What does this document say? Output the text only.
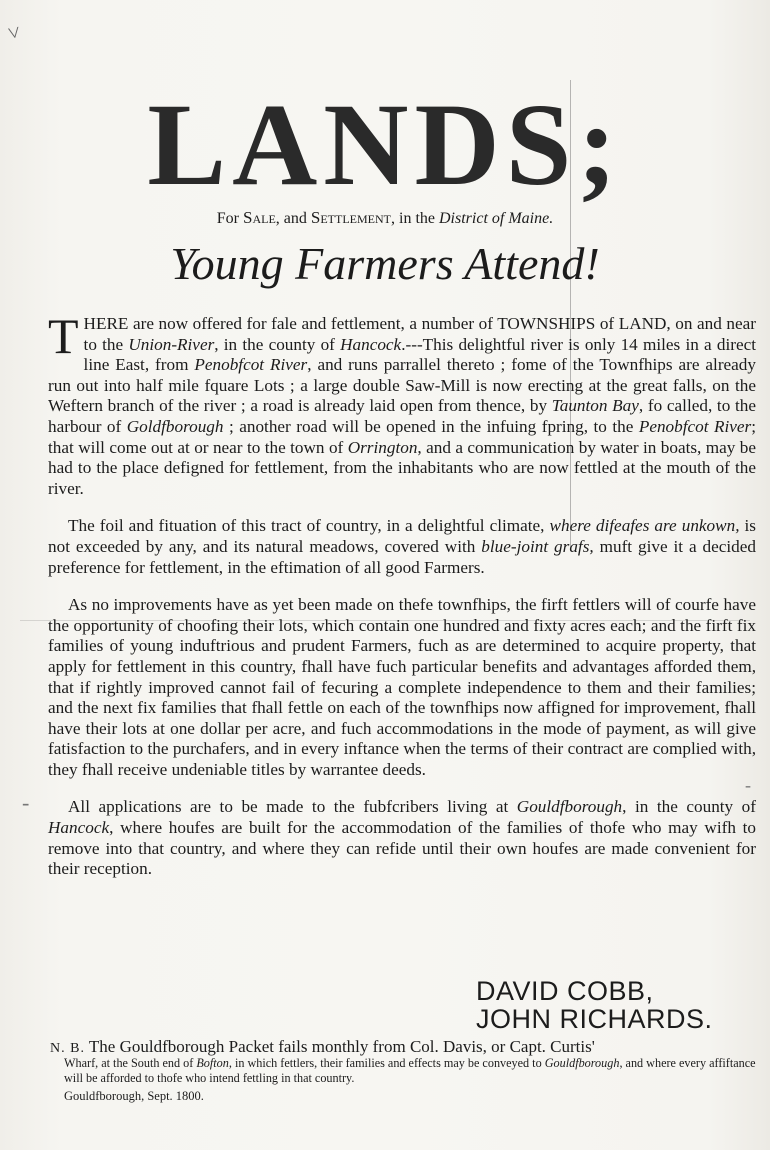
˅
-
-
LANDS;
For Sale, and Settlement, in the District of Maine.
Young Farmers Attend!

THERE are now offered for fale and fettlement, a number of TOWNSHIPS of LAND, on and near to the Union-River, in the county of Hancock.---This delightful river is only 14 miles in a direct line East, from Penobfcot River, and runs parrallel thereto ; fome of the Townfhips are already run out into half mile fquare Lots ; a large double Saw-Mill is now erecting at the great falls, on the Weftern branch of the river ; a road is already laid open from thence, by Taunton Bay, fo called, to the harbour of Goldfborough ; another road will be opened in the infuing fpring, to the Penobfcot River; that will come out at or near to the town of Orrington, and a communication by water in boats, may be had to the place defigned for fettlement, from the inhabitants who are now fettled at the mouth of the river.

The foil and fituation of this tract of country, in a delightful climate, where difeafes are unkown, is not exceeded by any, and its natural meadows, covered with blue-joint grafs, muft give it a decided preference for fettlement, in the eftimation of all good Farmers.

As no improvements have as yet been made on thefe townfhips, the firft fettlers will of courfe have the opportunity of choofing their lots, which contain one hundred and fixty acres each; and the firft fix families of young induftrious and prudent Farmers, fuch as are determined to acquire property, that apply for fettlement in this country, fhall have fuch particular benefits and advantages afforded them, that if rightly improved cannot fail of fecuring a complete independence to them and their families; and the next fix families that fhall fettle on each of the townfhips now affigned for improvement, fhall have their lots at one dollar per acre, and fuch accommodations in the mode of payment, as will give fatisfaction to the purchafers, and in every inftance when the terms of their contract are complied with, they fhall receive undeniable titles by warrantee deeds.

All applications are to be made to the fubfcribers living at Gouldfborough, in the county of Hancock, where houfes are built for the accommodation of the families of thofe who may wifh to remove into that country, and where they can refide until their own houfes are made convenient for their reception.

DAVID COBB,
JOHN RICHARDS.
N. B. The Gouldfborough Packet fails monthly from Col. Davis, or Capt. Curtis'
Wharf, at the South end of Bofton, in which fettlers, their families and effects may be conveyed to Gouldfborough, and where every affiftance will be afforded to thofe who intend fettling in that country.
Gouldfborough, Sept. 1800.
